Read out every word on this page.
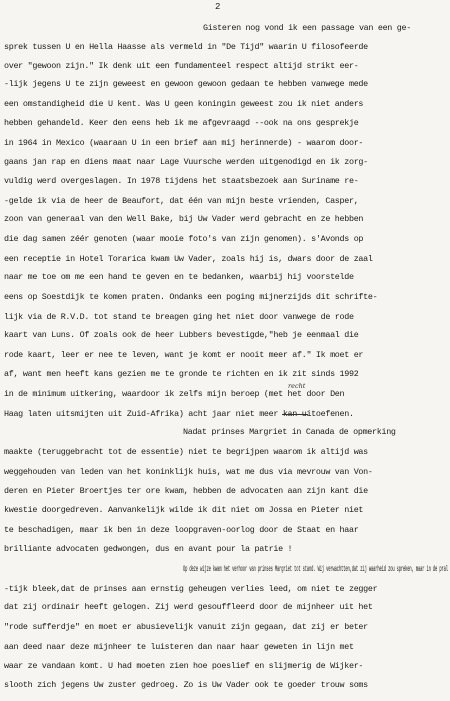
2
Gisteren nog vond ik een passage van een ge-
sprek tussen U en Hella Haasse als vermeld in "De Tijd" waarin U filosofeerde
over "gewoon zijn." Ik denk uit een fundamenteel respect altijd strikt eer-
-lijk jegens U te zijn geweest en gewoon gewoon gedaan te hebben vanwege mede
een omstandigheid die U kent. Was U geen koningin geweest zou ik niet anders
hebben gehandeld. Keer den eens heb ik me afgevraagd --ook na ons gesprekje
in 1964 in Mexico (waaraan U in een brief aan mij herinnerde) - waarom door-
gaans jan rap en diens maat naar Lage Vuursche werden uitgenodigd en ik zorg-
vuldig werd overgeslagen. In 1978 tijdens het staatsbezoek aan Suriname re-
-gelde ik via de heer de Beaufort, dat één van mijn beste vrienden, Casper,
zoon van generaal van den Well Bake, bij Uw Vader werd gebracht en ze hebben
die dag samen zéér genoten (waar mooie foto's van zijn genomen). s'Avonds op
een receptie in Hotel Torarica kwam Uw Vader, zoals hij is, dwars door de zaal
naar me toe om me een hand te geven en te bedanken, waarbij hij voorstelde
eens op Soestdijk te komen praten. Ondanks een poging mijnerzijds dit schrifte-
lijk via de R.V.D. tot stand te breagen ging het niet door vanwege de rode
kaart van Luns. Of zoals ook de heer Lubbers bevestigde,"heb je eenmaal die
rode kaart, leer er nee te leven, want je komt er nooit meer af." Ik moet er
af, want men heeft kans gezien me te gronde te richten en ik zit sinds 1992
in de minimum uitkering, waardoor ik zelfs mijn beroep (met het door Den
Haag laten uitsmijten uit Zuid-Afrika) acht jaar niet meer kan uitoefenen.
Nadat prinses Margriet in Canada de opmerking
maakte (teruggebracht tot de essentie) niet te begrijpen waarom ik altijd was
weggehouden van leden van het koninklijk huis, wat me dus via mevrouw van Von-
deren en Pieter Broertjes ter ore kwam, hebben de advocaten aan zijn kant die
kwestie doorgedreven. Aanvankelijk wilde ik dit niet om Jossa en Pieter niet
te beschadigen, maar ik ben in deze loopgraven-oorlog door de Staat en haar
brilliante advocaten gedwongen, dus en avant pour la patrie !
Op deze wijze kwam het verhoor van prinses Margriet tot stand. Wij verwachtten,dat zij waarheid zou spreken, maar in de pral
-tijk bleek,dat de prinses aan ernstig geheugen verlies leed, om niet te zegger
dat zij ordinair heeft gelogen. Zij werd gesouffleerd door de mijnheer uit het
"rode sufferdje" en moet er abusievelijk vanuit zijn gegaan, dat zij er beter
aan deed naar deze mijnheer te luisteren dan naar haar geweten in lijn met
waar ze vandaan komt. U had moeten zien hoe poeslief en slijmerig de Wijker-
slooth zich jegens Uw zuster gedroeg. Zo is Uw Vader ook te goeder trouw soms
recht
